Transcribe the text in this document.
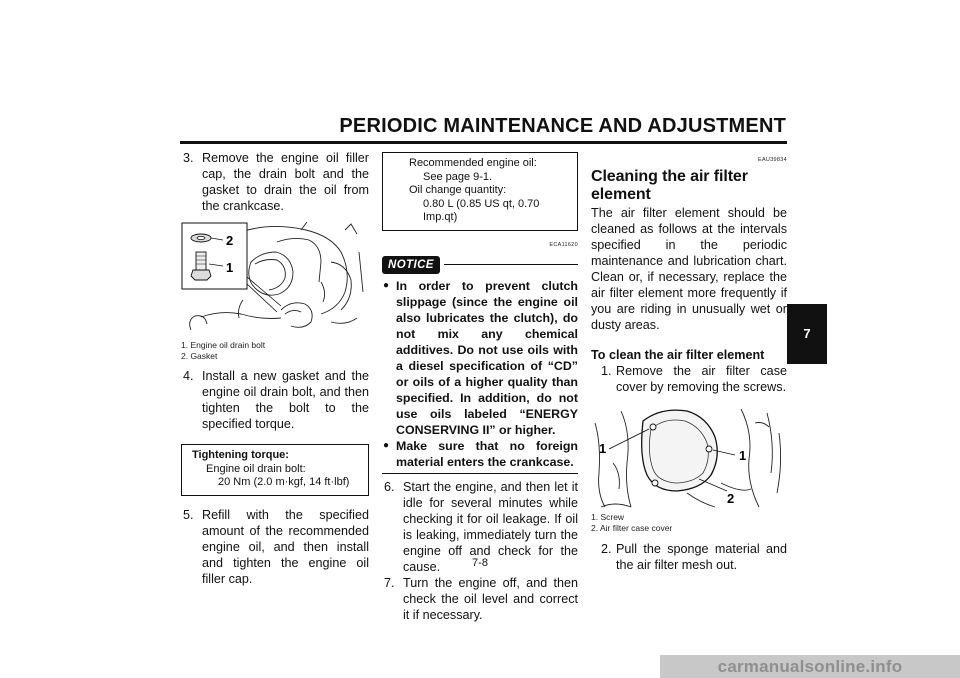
PERIODIC MAINTENANCE AND ADJUSTMENT
3. Remove the engine oil filler cap, the drain bolt and the gasket to drain the oil from the crankcase.
2
1
1. Engine oil drain bolt
2. Gasket
4. Install a new gasket and the engine oil drain bolt, and then tighten the bolt to the specified torque.
Tightening torque:
Engine oil drain bolt:
20 Nm (2.0 m·kgf, 14 ft·lbf)
5. Refill with the specified amount of the recommended engine oil, and then install and tighten the engine oil filler cap.
Recommended engine oil:
See page 9-1.
Oil change quantity:
0.80 L (0.85 US qt, 0.70 Imp.qt)
ECA11620
NOTICE
● In order to prevent clutch slippage (since the engine oil also lubricates the clutch), do not mix any chemical additives. Do not use oils with a diesel specification of “CD” or oils of a higher quality than specified. In addition, do not use oils labeled “ENERGY CONSERVING II” or higher.
● Make sure that no foreign material enters the crankcase.
6. Start the engine, and then let it idle for several minutes while checking it for oil leakage. If oil is leaking, immediately turn the engine off and check for the cause.
7. Turn the engine off, and then check the oil level and correct it if necessary.
EAU39834
Cleaning the air filter element
The air filter element should be cleaned as follows at the intervals specified in the periodic maintenance and lubrication chart. Clean or, if necessary, replace the air filter element more frequently if you are riding in unusually wet or dusty areas.
To clean the air filter element
1. Remove the air filter case cover by removing the screws.
1	1
2
1. Screw
2. Air filter case cover
2. Pull the sponge material and the air filter mesh out.
7
7-8
carmanualsonline.info
